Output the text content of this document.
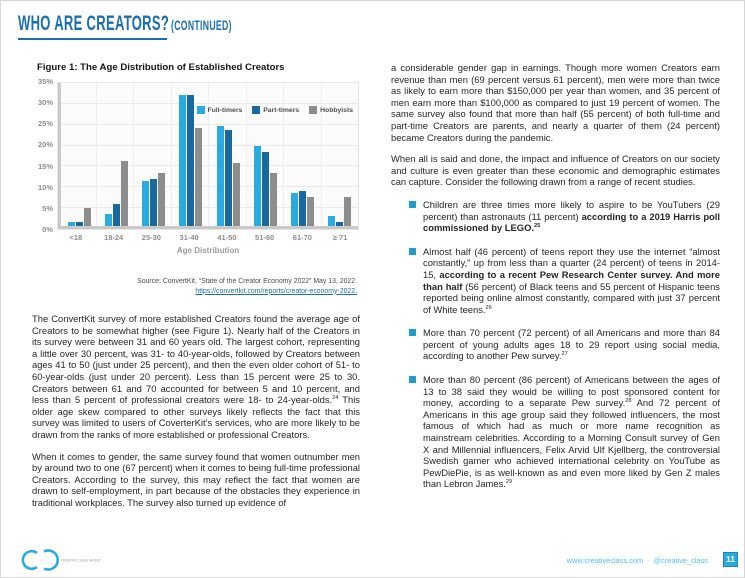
WHO ARE CREATORS? (CONTINUED)
Figure 1: The Age Distribution of Established Creators
0%
5%
10%
15%
20%
25%
30%
35%
Full-timers	Part-timers	Hobbyists
<18	18-24	25-30	31-40	41-50	51-60	61-70	≥ 71
Age Distribution
Source: ConvertKit, “State of the Creator Economy 2022” May 13, 2022. https://convertkit.com/reports/creator-economy-2022.

The ConvertKit survey of more established Creators found the average age of Creators to be somewhat higher (see Figure 1). Nearly half of the Creators in its survey were between 31 and 60 years old. The largest cohort, representing a little over 30 percent, was 31- to 40-year-olds, followed by Creators between ages 41 to 50 (just under 25 percent), and then the even older cohort of 51- to 60-year-olds (just under 20 percent). Less than 15 percent were 25 to 30. Creators between 61 and 70 accounted for between 5 and 10 percent, and less than 5 percent of professional creators were 18- to 24-year-olds.$^{24}$ This older age skew compared to other surveys likely reflects the fact that this survey was limited to users of CoverterKit’s services, who are more likely to be drawn from the ranks of more established or professional Creators.

When it comes to gender, the same survey found that women outnumber men by around two to one (67 percent) when it comes to being full-time professional Creators. According to the survey, this may reflect the fact that women are drawn to self-employment, in part because of the obstacles they experience in traditional workplaces. The survey also turned up evidence of

a considerable gender gap in earnings. Though more women Creators earn revenue than men (69 percent versus 61 percent), men were more than twice as likely to earn more than $150,000 per year than women, and 35 percent of men earn more than $100,000 as compared to just 19 percent of women. The same survey also found that more than half (55 percent) of both full-time and part-time Creators are parents, and nearly a quarter of them (24 percent) became Creators during the pandemic.

When all is said and done, the impact and influence of Creators on our society and culture is even greater than these economic and demographic estimates can capture. Consider the following drawn from a range of recent studies.

Children are three times more likely to aspire to be YouTubers (29 percent) than astronauts (11 percent) according to a 2019 Harris poll commissioned by LEGO.$^{25}$
Almost half (46 percent) of teens report they use the internet “almost constantly,” up from less than a quarter (24 percent) of teens in 2014-15, according to a recent Pew Research Center survey. And more than half (56 percent) of Black teens and 55 percent of Hispanic teens reported being online almost constantly, compared with just 37 percent of White teens.$^{26}$
More than 70 percent (72 percent) of all Americans and more than 84 percent of young adults ages 18 to 29 report using social media, according to another Pew survey.$^{27}$
More than 80 percent (86 percent) of Americans between the ages of 13 to 38 said they would be willing to post sponsored content for money, according to a separate Pew survey.$^{28}$ And 72 percent of Americans in this age group said they followed influencers, the most famous of which had as much or more name recognition as mainstream celebrities. According to a Morning Consult survey of Gen X and Millennial influencers, Felix Arvid Ulf Kjellberg, the controversial Swedish gamer who achieved international celebrity on YouTube as PewDiePie, is as well-known as and even more liked by Gen Z males than Lebron James.$^{29}$
CREATIVE CLASS GROUP	www.creativeclass.com · @creative_class	11
